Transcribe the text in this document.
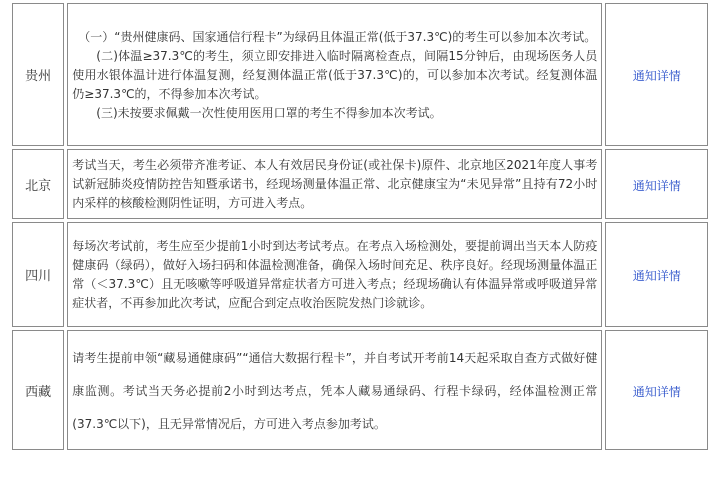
贵州	（一）“贵州健康码、国家通信行程卡”为绿码且体温正常(低于37.3℃)的考生可以参加本次考试。

(二)体温≥37.3℃的考生，须立即安排进入临时隔离检查点，间隔15分钟后，由现场医务人员使用水银体温计进行体温复测，经复测体温正常(低于37.3℃)的，可以参加本次考试。经复测体温仍≥37.3℃的，不得参加本次考试。

(三)未按要求佩戴一次性使用医用口罩的考生不得参加本次考试。	通知详情
北京	考试当天，考生必须带齐准考证、本人有效居民身份证(或社保卡)原件、北京地区2021年度人事考试新冠肺炎疫情防控告知暨承诺书，经现场测量体温正常、北京健康宝为“未见异常”且持有72小时内采样的核酸检测阴性证明，方可进入考点。	通知详情
四川	每场次考试前，考生应至少提前1小时到达考试考点。在考点入场检测处，要提前调出当天本人防疫健康码（绿码），做好入场扫码和体温检测准备，确保入场时间充足、秩序良好。经现场测量体温正常（＜37.3℃）且无咳嗽等呼吸道异常症状者方可进入考点；经现场确认有体温异常或呼吸道异常症状者，不再参加此次考试，应配合到定点收治医院发热门诊就诊。	通知详情
西藏	请考生提前申领“藏易通健康码”“通信大数据行程卡”，并自考试开考前14天起采取自查方式做好健康监测。考试当天务必提前2小时到达考点，凭本人藏易通绿码、行程卡绿码，经体温检测正常(37.3℃以下)，且无异常情况后，方可进入考点参加考试。	通知详情
